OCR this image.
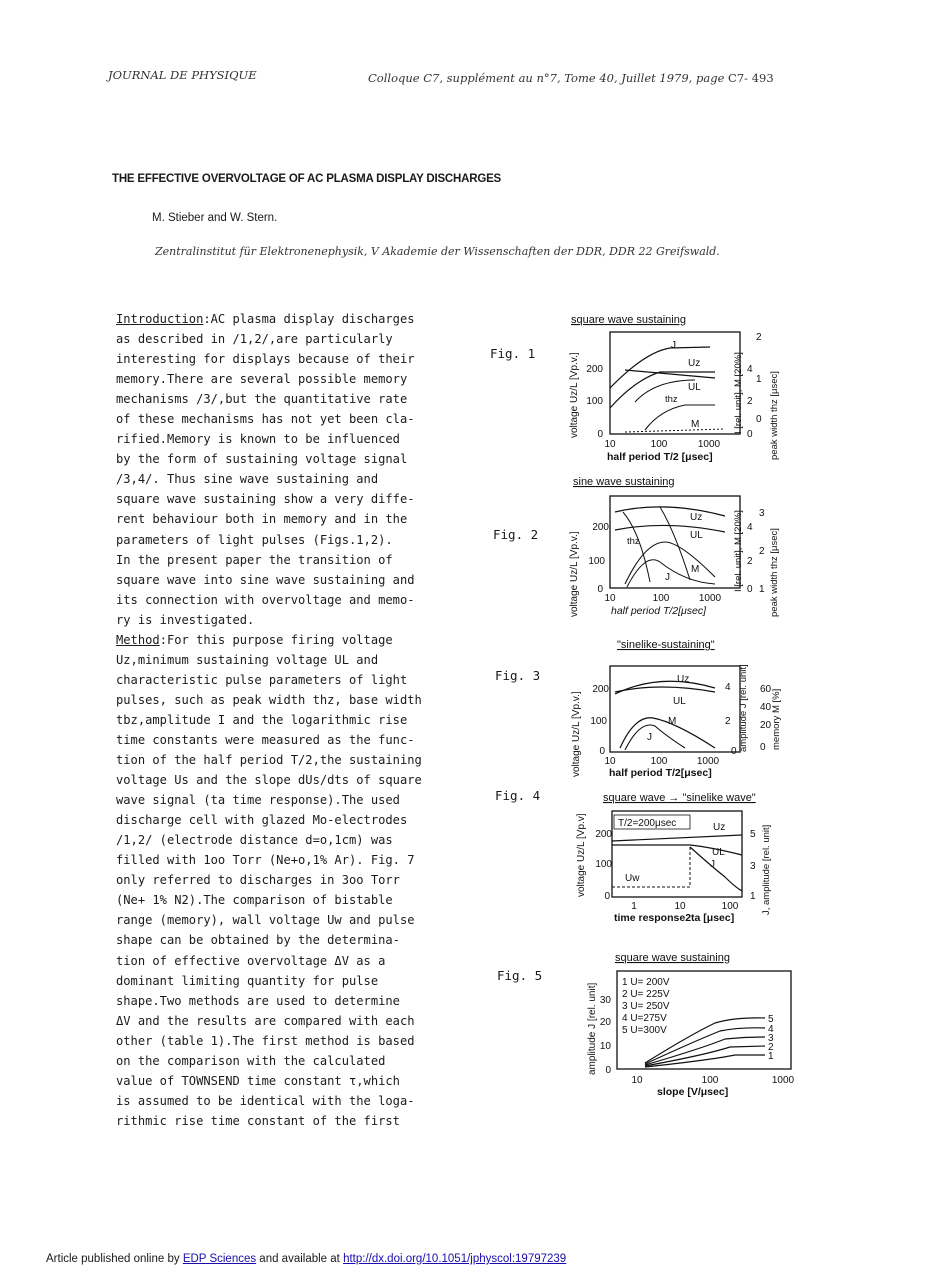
JOURNAL DE PHYSIQUE	Colloque C7, supplément au n°7, Tome 40, Juillet 1979, page C7- 493
THE EFFECTIVE OVERVOLTAGE OF AC PLASMA DISPLAY DISCHARGES
M. Stieber and W. Stern.
Zentralinstitut für Elektronenephysik, V Akademie der Wissenschaften der DDR, DDR 22 Greifswald.
Introduction:AC plasma display discharges
as described in /1,2/,are particularly
interesting for displays because of their
memory.There are several possible memory
mechanisms /3/,but the quantitative rate
of these mechanisms has not yet been cla-
rified.Memory is known to be influenced
by the form of sustaining voltage signal
/3,4/. Thus sine wave sustaining and
square wave sustaining show a very diffe-
rent behaviour both in memory and in the
parameters of light pulses (Figs.1,2).
In the present paper the transition of
square wave into sine wave sustaining and
its connection with overvoltage and memo-
ry is investigated.
Method:For this purpose firing voltage
Uz,minimum sustaining voltage UL and
characteristic pulse parameters of light
pulses, such as peak width thz, base width
tbz,amplitude I and the logarithmic rise
time constants were measured as the func-
tion of the half period T/2,the sustaining
voltage Us and the slope dUs/dts of square
wave signal (ta time response).The used
discharge cell with glazed Mo-electrodes
/1,2/ (electrode distance d=o,1cm) was
filled with 1oo Torr (Ne+o,1% Ar). Fig. 7
only referred to discharges in 3oo Torr
(Ne+ 1% N2).The comparison of bistable
range (memory), wall voltage Uw and pulse
shape can be obtained by the determina-
tion of effective overvoltage ΔV as a
dominant limiting quantity for pulse
shape.Two methods are used to determine
ΔV and the results are compared with each
other (table 1).The first method is based
on the comparison with the calculated
value of TOWNSEND time constant τ,which
is assumed to be identical with the loga-
rithmic rise time constant of the first
Fig. 1
Fig. 2
Fig. 3
Fig. 4
Fig. 5
square wave sustaining
voltage Uz/L [Vp.v.] 200
100
0
10	100	1000
half period T/2 [μsec]
4
2
0
I [rel. unit], M [20%]	peak width thz [μsec]
2
1
0
J
Uz
UL
thz
M
sine wave sustaining
voltage Uz/L [Vp.v.]
200
100
0
10	100	1000
half period T/2[μsec]
4
2
0
I [rel. unit], M [20%]	peak width thz [μsec]
3
2
1
Uz
UL
thz
M
J
"sinelike-sustaining"
voltage Uz/L [Vp.v.]
200
100
0
10	100	1000
half period T/2[μsec]
4
2
0 amplitude J [rel. unit] memory M [%]
60
40
20
0
Uz
UL
M
J
square wave → "sinelike wave"
voltage Uz/L [Vp.v] 200
100
0
1	10	100
time response2ta [μsec]
5
3
1 J, amplitude [rel. unit]
T/2=200μsec	Uz
UL
J
Uw
square wave sustaining
amplitude J [rel. unit] 30
20
10
0
10	100	1000
slope [V/μsec]
1 U= 200V
2 U= 225V
3 U= 250V
4 U=275V
5 U=300V
5
4
3
2
1
Article published online by EDP Sciences and available at http://dx.doi.org/10.1051/jphyscol:19797239
